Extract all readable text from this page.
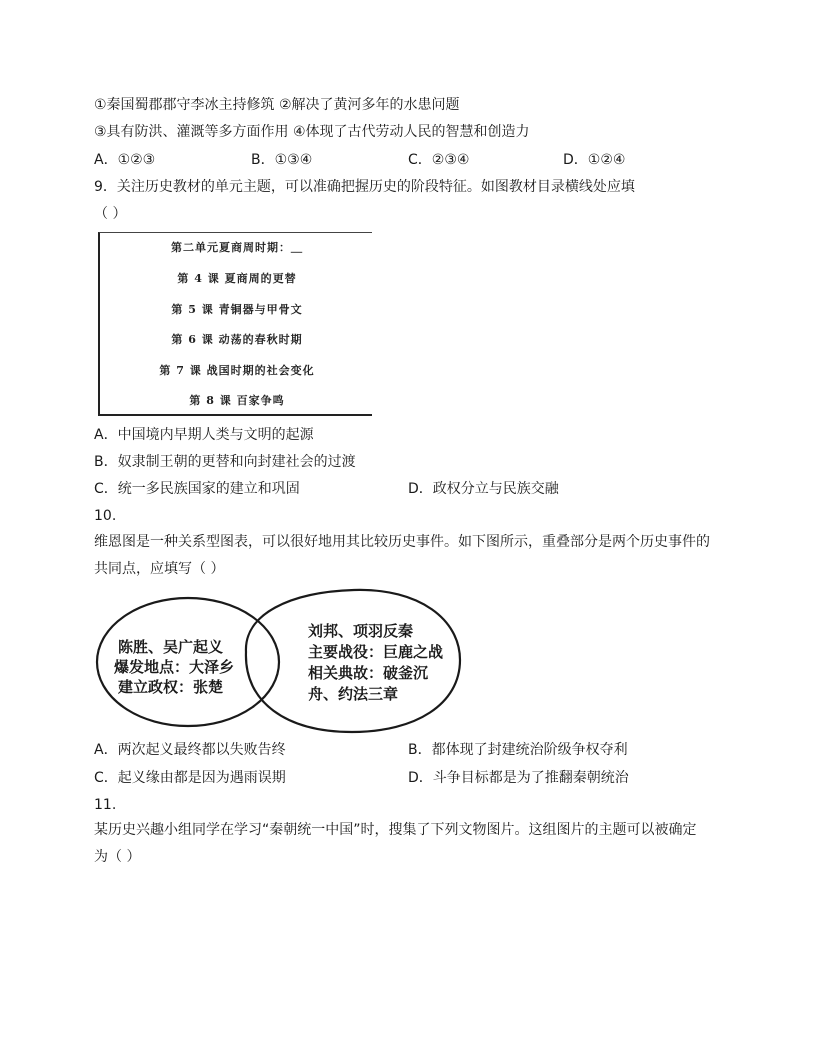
①秦国蜀郡郡守李冰主持修筑 ②解决了黄河多年的水患问题
③具有防洪、灌溉等多方面作用 ④体现了古代劳动人民的智慧和创造力
A．①②③	B．①③④	C．②③④	D．①②④
9．关注历史教材的单元主题，可以准确把握历史的阶段特征。如图教材目录横线处应填
（ ）
第二单元夏商周时期：＿
第 4 课 夏商周的更替
第 5 课 青铜器与甲骨文
第 6 课 动荡的春秋时期
第 7 课 战国时期的社会变化
第 8 课 百家争鸣
A．中国境内早期人类与文明的起源
B．奴隶制王朝的更替和向封建社会的过渡
C．统一多民族国家的建立和巩固	D．政权分立与民族交融
10.
维恩图是一种关系型图表，可以很好地用其比较历史事件。如下图所示，重叠部分是两个历史事件的
共同点，应填写（ ）
陈胜、吴广起义
爆发地点：大泽乡
建立政权：张楚
刘邦、项羽反秦
主要战役：巨鹿之战
相关典故：破釜沉
舟、约法三章
A．两次起义最终都以失败告终	B．都体现了封建统治阶级争权夺利
C．起义缘由都是因为遇雨误期	D．斗争目标都是为了推翻秦朝统治
11.
某历史兴趣小组同学在学习“秦朝统一中国”时，搜集了下列文物图片。这组图片的主题可以被确定
为（ ）
